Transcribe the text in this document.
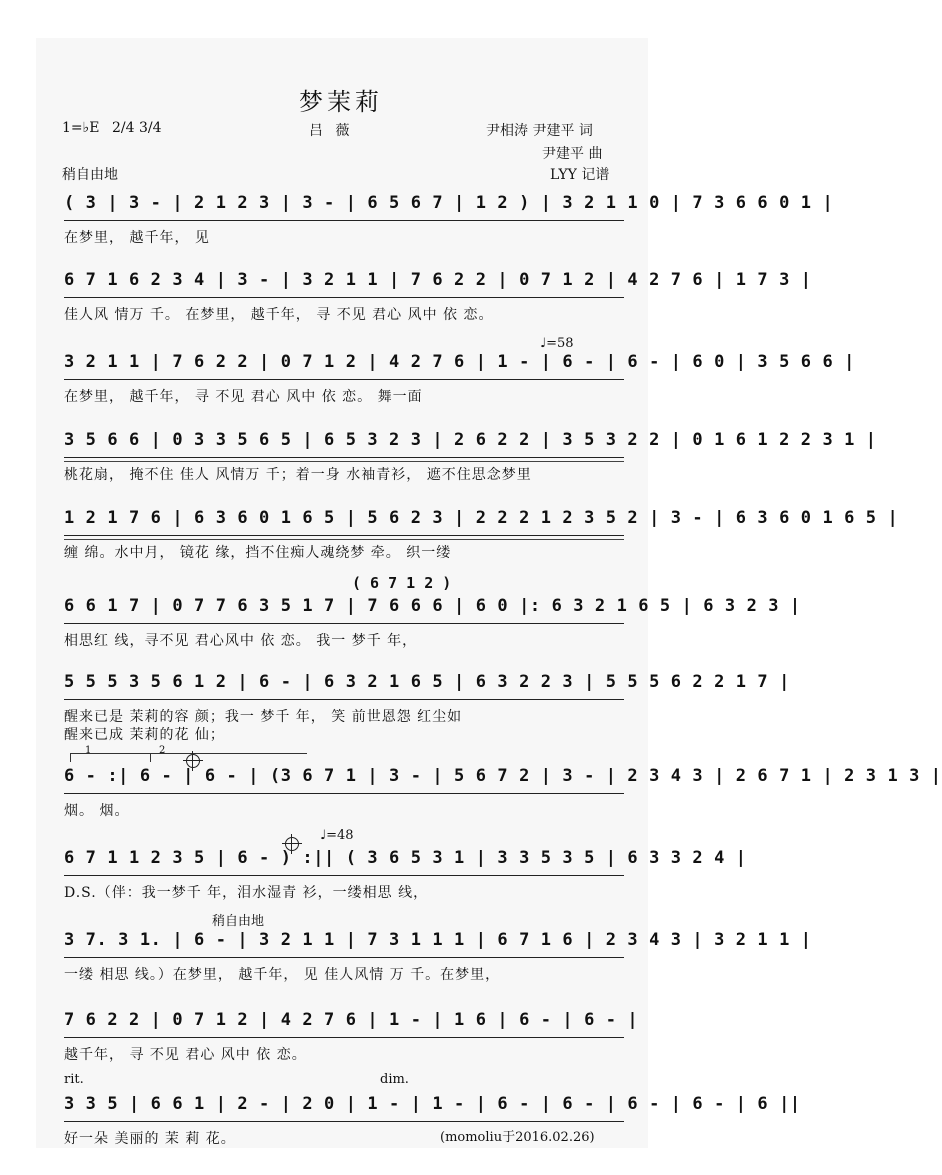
梦茉莉
1=♭E 2/4 3/4	吕 薇	尹相涛 尹建平 词
尹建平 曲
稍自由地	LYY 记谱
( 3 | 3 - | 2 1 2 3 | 3 - | 6 5 6 7 | 1 2 ) | 3 2 1 1 0 | 7 3 6 6 0 1 |
在梦里， 越千年， 见
6 7 1 6 2 3 4 | 3 - | 3 2 1 1 | 7 6 2 2 | 0 7 1 2 | 4 2 7 6 | 1 7 3 |
佳人风 情万 千。 在梦里， 越千年， 寻 不见 君心 风中 依 恋。
♩=58
3 2 1 1 | 7 6 2 2 | 0 7 1 2 | 4 2 7 6 | 1 - | 6 - | 6 - | 6 0 | 3 5 6 6 |
在梦里， 越千年， 寻 不见 君心 风中 依 恋。 舞一面
3 5 6 6 | 0 3 3 5 6 5 | 6 5 3 2 3 | 2 6 2 2 | 3 5 3 2 2 | 0 1 6 1 2 2 3 1 |
桃花扇， 掩不住 佳人 风情万 千；着一身 水袖青衫， 遮不住思念梦里
1 2 1 7 6 | 6 3 6 0 1 6 5 | 5 6 2 3 | 2 2 2 1 2 3 5 2 | 3 - | 6 3 6 0 1 6 5 |
缠 绵。水中月， 镜花 缘，挡不住痴人魂绕梦 牵。 织一缕
( 6 7 1 2 )
6 6 1 7 | 0 7 7 6 3 5 1 7 | 7 6 6 6 | 6 0 |: 6 3 2 1 6 5 | 6 3 2 3 |
相思红 线，寻不见 君心风中 依 恋。 我一 梦千 年，
5 5 5 3 5 6 1 2 | 6 - | 6 3 2 1 6 5 | 6 3 2 2 3 | 5 5 5 6 2 2 1 7 |
醒来已是 茉莉的容 颜；我一 梦千 年， 笑 前世恩怨 红尘如
醒来已成 茉莉的花 仙；
1	2

6 - :| 6 - | 6 - | (3 6 7 1 | 3 - | 5 6 7 2 | 3 - | 2 3 4 3 | 2 6 7 1 | 2 3 1 3 |
烟。 烟。
♩=48
6 7 1 1 2 3 5 | 6 - ) :|| ( 3 6 5 3 1 | 3 3 5 3 5 | 6 3 3 2 4 |
D.S.（伴：我一梦千 年，泪水湿青 衫，一缕相思 线，
稍自由地
3 7. 3 1. | 6 - | 3 2 1 1 | 7 3 1 1 1 | 6 7 1 6 | 2 3 4 3 | 3 2 1 1 |
一缕 相思 线。）在梦里， 越千年， 见 佳人风情 万 千。在梦里，
7 6 2 2 | 0 7 1 2 | 4 2 7 6 | 1 - | 1 6 | 6 - | 6 - |
越千年， 寻 不见 君心 风中 依 恋。
rit.	dim.
3 3 5 | 6 6 1 | 2 - | 2 0 | 1 - | 1 - | 6 - | 6 - | 6 - | 6 - | 6 ||
好一朵 美丽的 茉 莉 花。	(momoliu于2016.02.26)
